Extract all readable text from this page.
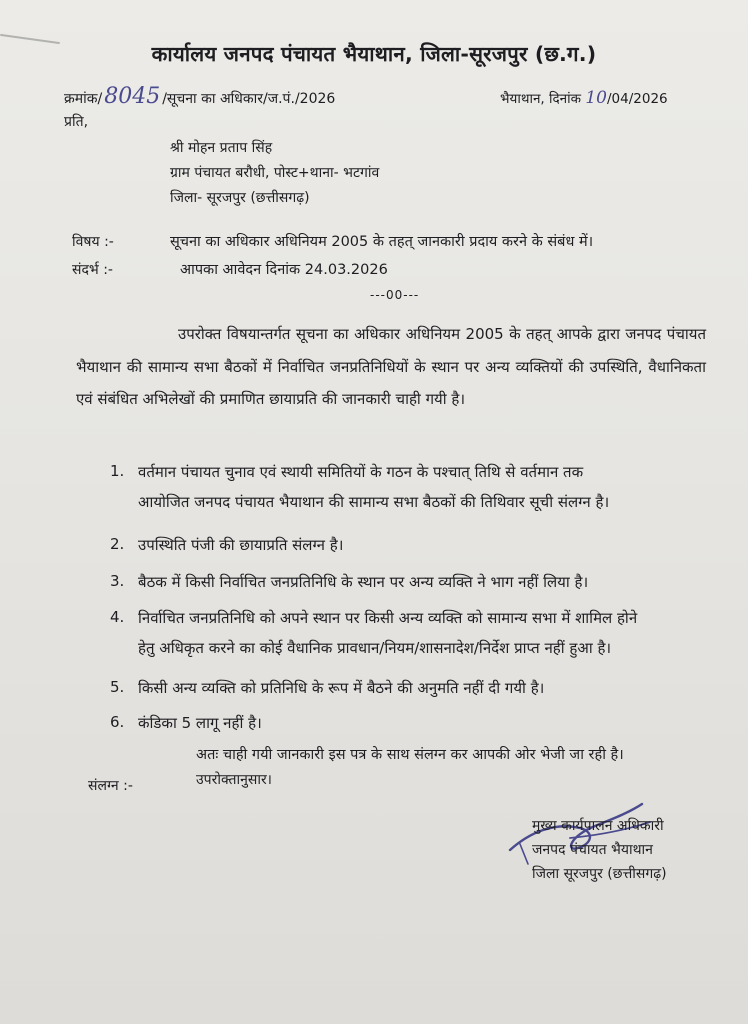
कार्यालय जनपद पंचायत भैयाथान, जिला-सूरजपुर (छ.ग.)
क्रमांक/8045 /सूचना का अधिकार/ज.पं./2026	भैयाथान, दिनांक 10/04/2026
प्रति,
श्री मोहन प्रताप सिंह
ग्राम पंचायत बरौधी, पोस्ट+थाना- भटगांव
जिला- सूरजपुर (छत्तीसगढ़)
विषय :-	सूचना का अधिकार अधिनियम 2005 के तहत् जानकारी प्रदाय करने के संबंध में।
संदर्भ :-	आपका आवेदन दिनांक 24.03.2026
---00---
उपरोक्त विषयान्तर्गत सूचना का अधिकार अधिनियम 2005 के तहत् आपके द्वारा जनपद पंचायत भैयाथान की सामान्य सभा बैठकों में निर्वाचित जनप्रतिनिधियों के स्थान पर अन्य व्यक्तियों की उपस्थिति, वैधानिकता एवं संबंधित अभिलेखों की प्रमाणित छायाप्रति की जानकारी चाही गयी है।
1. वर्तमान पंचायत चुनाव एवं स्थायी समितियों के गठन के पश्चात् तिथि से वर्तमान तक
आयोजित जनपद पंचायत भैयाथान की सामान्य सभा बैठकों की तिथिवार सूची संलग्न है।
2. उपस्थिति पंजी की छायाप्रति संलग्न है।
3. बैठक में किसी निर्वाचित जनप्रतिनिधि के स्थान पर अन्य व्यक्ति ने भाग नहीं लिया है।
4. निर्वाचित जनप्रतिनिधि को अपने स्थान पर किसी अन्य व्यक्ति को सामान्य सभा में शामिल होने
हेतु अधिकृत करने का कोई वैधानिक प्रावधान/नियम/शासनादेश/निर्देश प्राप्त नहीं हुआ है।
5. किसी अन्य व्यक्ति को प्रतिनिधि के रूप में बैठने की अनुमति नहीं दी गयी है।
6. कंडिका 5 लागू नहीं है।
अतः चाही गयी जानकारी इस पत्र के साथ संलग्न कर आपकी ओर भेजी जा रही है।
संलग्न :-	उपरोक्तानुसार।
मुख्य कार्यपालन अधिकारी
जनपद पंचायत भैयाथान
जिला सूरजपुर (छत्तीसगढ़)
